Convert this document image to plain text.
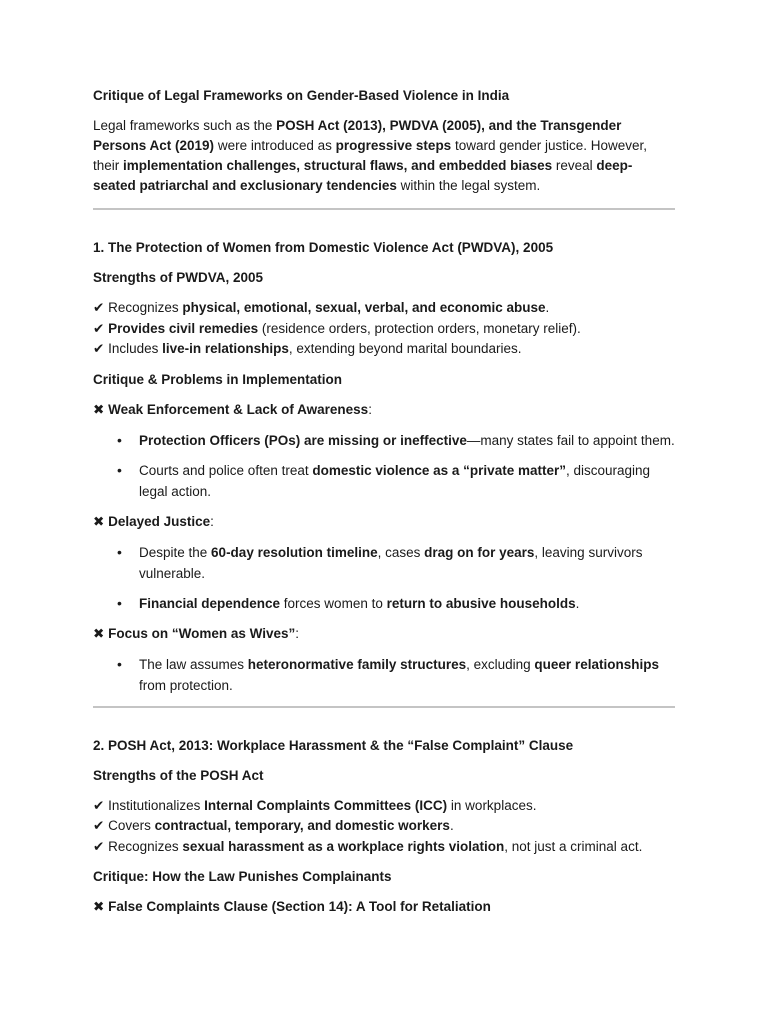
Critique of Legal Frameworks on Gender-Based Violence in India

Legal frameworks such as the POSH Act (2013), PWDVA (2005), and the Transgender Persons Act (2019) were introduced as progressive steps toward gender justice. However, their implementation challenges, structural flaws, and embedded biases reveal deep-seated patriarchal and exclusionary tendencies within the legal system.

1. The Protection of Women from Domestic Violence Act (PWDVA), 2005

Strengths of PWDVA, 2005

✔ Recognizes physical, emotional, sexual, verbal, and economic abuse.

✔ Provides civil remedies (residence orders, protection orders, monetary relief).

✔ Includes live-in relationships, extending beyond marital boundaries.

Critique & Problems in Implementation

✖ Weak Enforcement & Lack of Awareness:

• Protection Officers (POs) are missing or ineffective—many states fail to appoint them.
• Courts and police often treat domestic violence as a “private matter”, discouraging legal action.

✖ Delayed Justice:

• Despite the 60-day resolution timeline, cases drag on for years, leaving survivors vulnerable.
• Financial dependence forces women to return to abusive households.

✖ Focus on “Women as Wives”:

• The law assumes heteronormative family structures, excluding queer relationships from protection.

2. POSH Act, 2013: Workplace Harassment & the “False Complaint” Clause

Strengths of the POSH Act

✔ Institutionalizes Internal Complaints Committees (ICC) in workplaces.

✔ Covers contractual, temporary, and domestic workers.

✔ Recognizes sexual harassment as a workplace rights violation, not just a criminal act.

Critique: How the Law Punishes Complainants

✖ False Complaints Clause (Section 14): A Tool for Retaliation
